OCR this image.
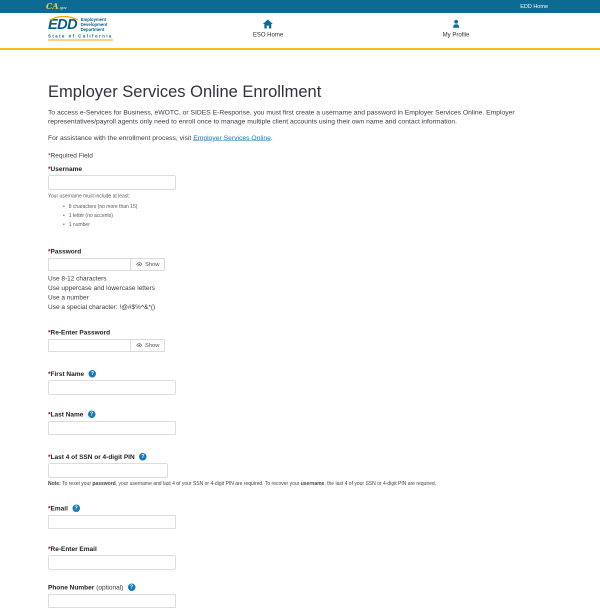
CA .gov	EDD Home
EDD Employment
Development
Department
State of California	ESO Home	My Profile
Employer Services Online Enrollment

To access e-Services for Business, eWOTC, or SIDES E-Response, you must first create a username and password in Employer Services Online. Employer representatives/payroll agents only need to enroll once to manage multiple client accounts using their own name and contact information.

For assistance with the enrollment process, visit Employer Services Online.

*Required Field
* Username
Your username must include at least:
• 8 characters (no more than 15)
• 1 letter (no accents)
• 1 number
* Password
Show
Use 8-12 characters
Use uppercase and lowercase letters
Use a number
Use a special character: !@#$%^&*()
* Re-Enter Password
Show
* First Name ?
* Last Name ?
* Last 4 of SSN or 4-digit PIN ?
Note: To reset your password, your username and last 4 of your SSN or 4-digit PIN are required. To recover your username, the last 4 of your SSN or 4-digit PIN are required.
* Email ?
* Re-Enter Email
Phone Number (optional) ?
